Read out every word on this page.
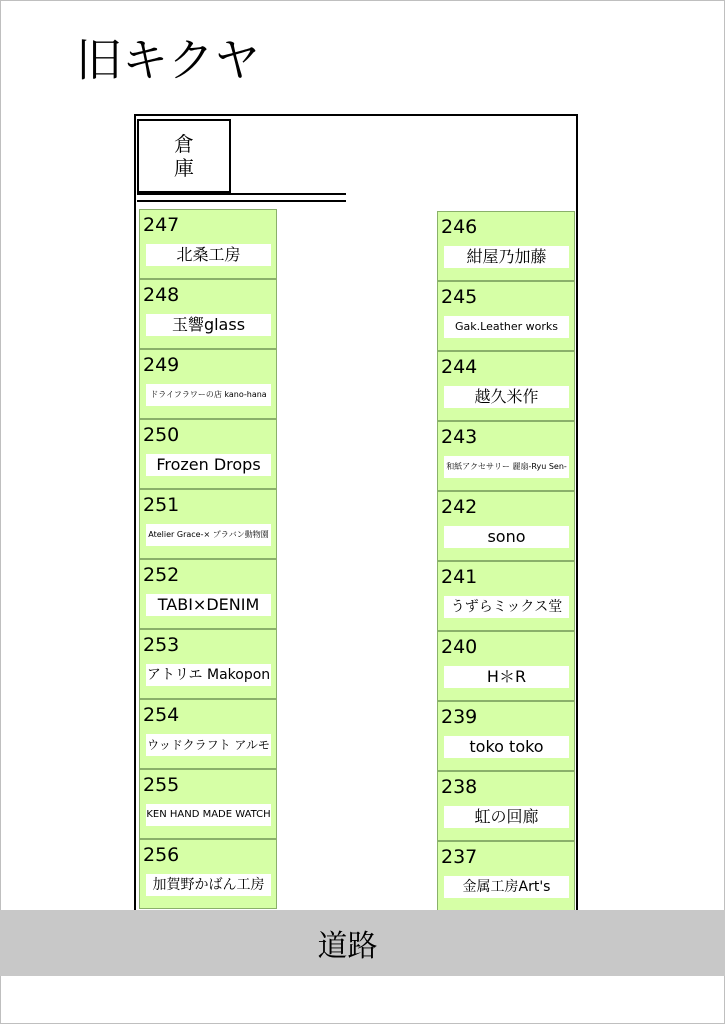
旧キクヤ
倉庫
247
北桑工房
248
玉響glass
249
ドライフラワーの店 kano-hana
250
Frozen Drops
251
Atelier Grace-× プラバン動物園
252
TABI×DENIM
253
アトリエ Makopon
254
ウッドクラフト アルモ
255
KEN HAND MADE WATCH
256
加賀野かばん工房
246
紺屋乃加藤
245
Gak.Leather works
244
越久米作
243
和紙アクセサリー 麗扇-Ryu Sen-
242
sono
241
うずらミックス堂
240
H＊R
239
toko toko
238
虹の回廊
237
金属工房Art's
道路
